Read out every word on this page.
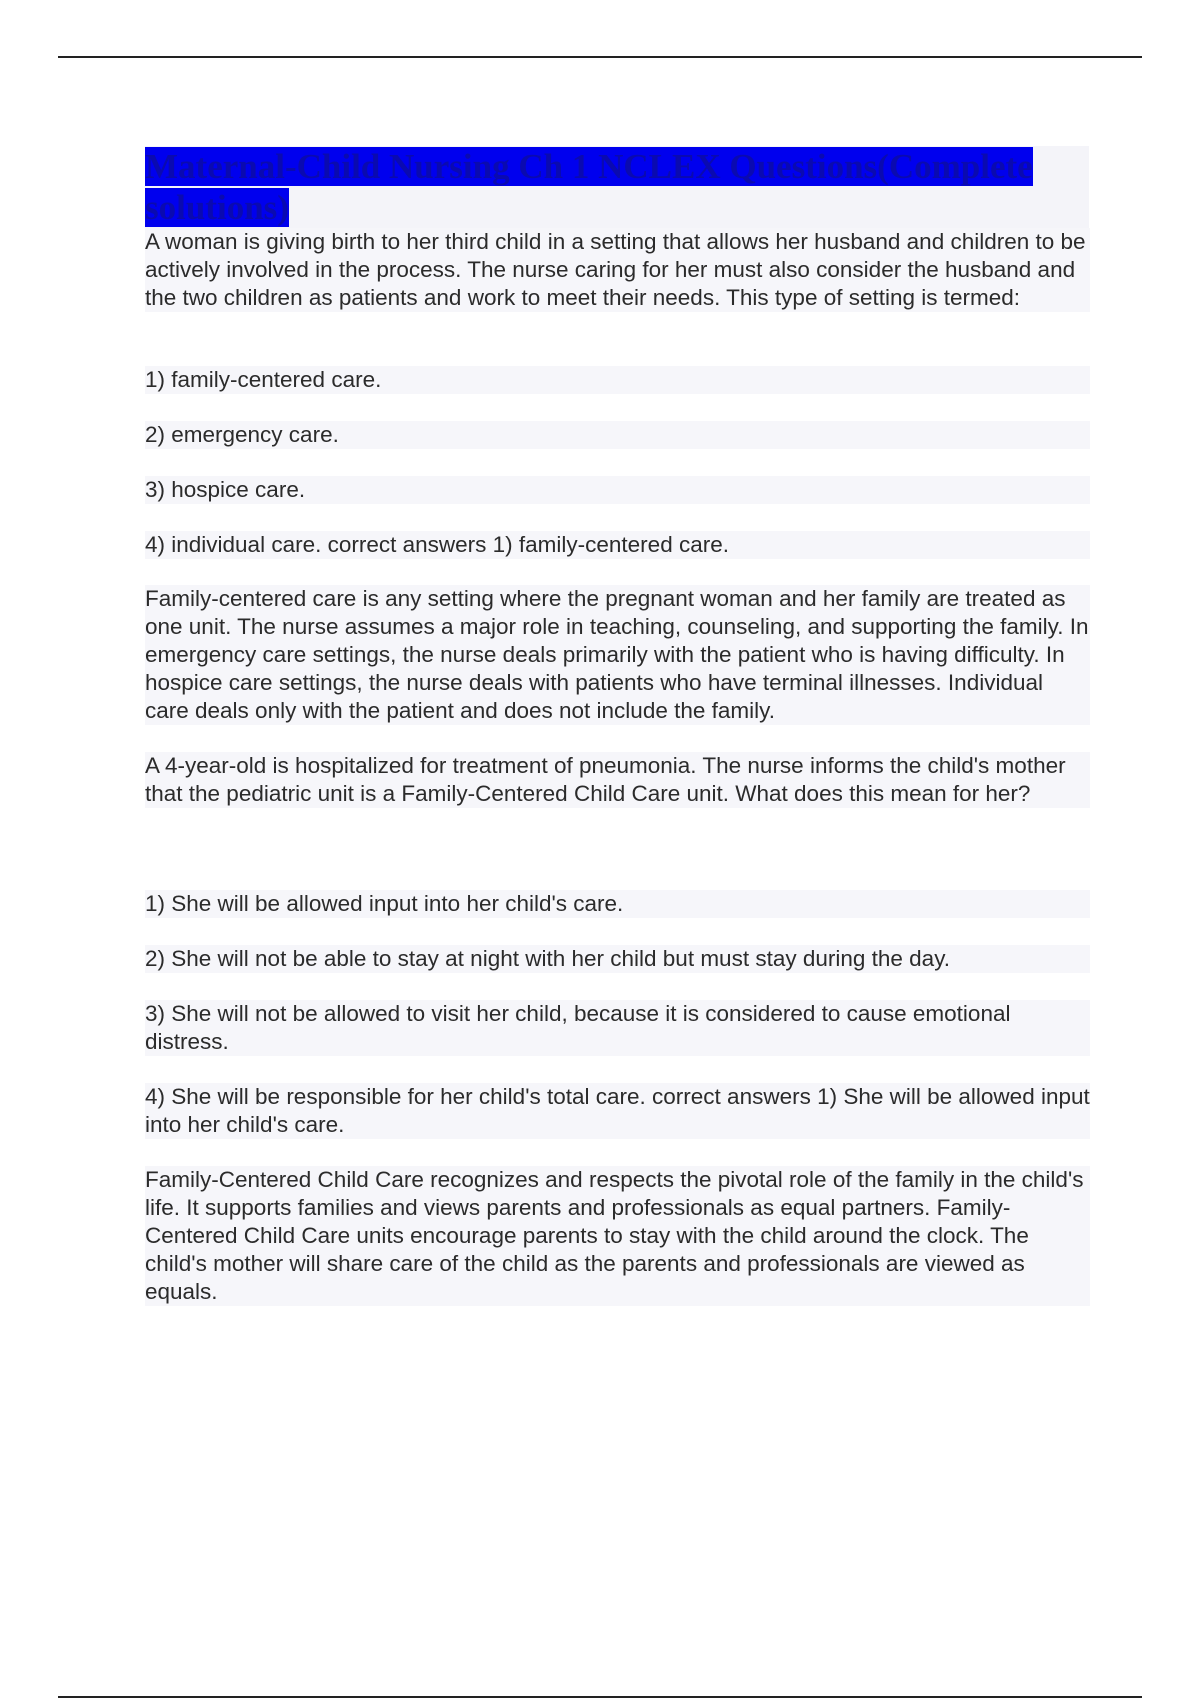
Maternal-Child Nursing Ch 1 NCLEX Questions(Complete solutions)

A woman is giving birth to her third child in a setting that allows her husband and children to be actively involved in the process. The nurse caring for her must also consider the husband and the two children as patients and work to meet their needs. This type of setting is termed:

1) family-centered care.

2) emergency care.

3) hospice care.

4) individual care. correct answers 1) family-centered care.

Family-centered care is any setting where the pregnant woman and her family are treated as one unit. The nurse assumes a major role in teaching, counseling, and supporting the family. In emergency care settings, the nurse deals primarily with the patient who is having difficulty. In hospice care settings, the nurse deals with patients who have terminal illnesses. Individual care deals only with the patient and does not include the family.

A 4-year-old is hospitalized for treatment of pneumonia. The nurse informs the child's mother that the pediatric unit is a Family-Centered Child Care unit. What does this mean for her?

1) She will be allowed input into her child's care.

2) She will not be able to stay at night with her child but must stay during the day.

3) She will not be allowed to visit her child, because it is considered to cause emotional distress.

4) She will be responsible for her child's total care. correct answers 1) She will be allowed input into her child's care.

Family-Centered Child Care recognizes and respects the pivotal role of the family in the child's life. It supports families and views parents and professionals as equal partners. Family-Centered Child Care units encourage parents to stay with the child around the clock. The child's mother will share care of the child as the parents and professionals are viewed as equals.
